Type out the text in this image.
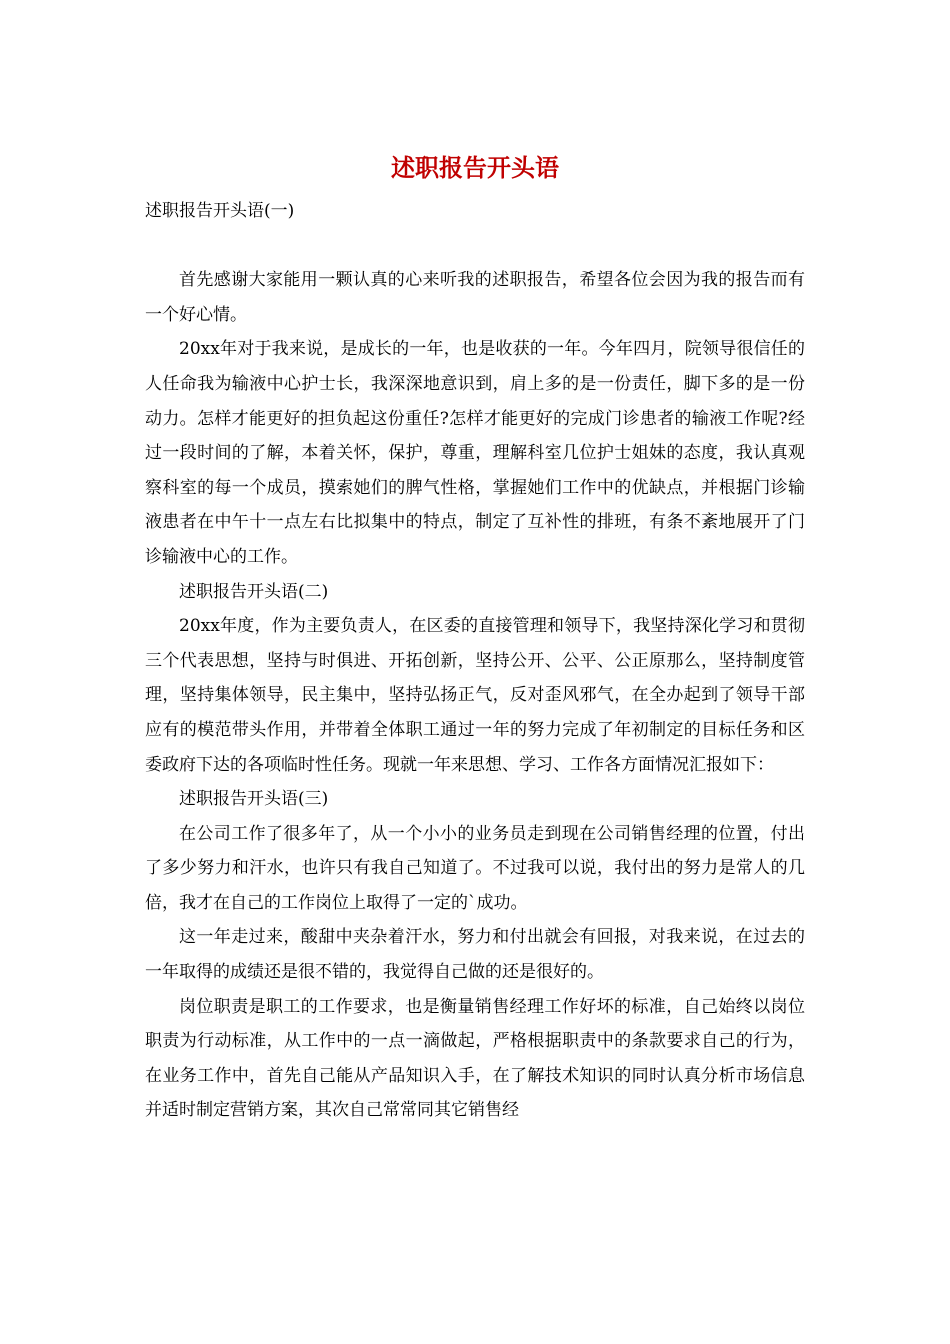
述职报告开头语

述职报告开头语(一)

首先感谢大家能用一颗认真的心来听我的述职报告，希望各位会因为我的报告而有一个好心情。

20xx年对于我来说，是成长的一年，也是收获的一年。今年四月，院领导很信任的人任命我为输液中心护士长，我深深地意识到，肩上多的是一份责任，脚下多的是一份动力。怎样才能更好的担负起这份重任?怎样才能更好的完成门诊患者的输液工作呢?经过一段时间的了解，本着关怀，保护，尊重，理解科室几位护士姐妹的态度，我认真观察科室的每一个成员，摸索她们的脾气性格，掌握她们工作中的优缺点，并根据门诊输液患者在中午十一点左右比拟集中的特点，制定了互补性的排班，有条不紊地展开了门诊输液中心的工作。

述职报告开头语(二)

20xx年度，作为主要负责人，在区委的直接管理和领导下，我坚持深化学习和贯彻三个代表思想，坚持与时俱进、开拓创新，坚持公开、公平、公正原那么，坚持制度管理，坚持集体领导，民主集中，坚持弘扬正气，反对歪风邪气，在全办起到了领导干部应有的模范带头作用，并带着全体职工通过一年的努力完成了年初制定的目标任务和区委政府下达的各项临时性任务。现就一年来思想、学习、工作各方面情况汇报如下：

述职报告开头语(三)

在公司工作了很多年了，从一个小小的业务员走到现在公司销售经理的位置，付出了多少努力和汗水，也许只有我自己知道了。不过我可以说，我付出的努力是常人的几倍，我才在自己的工作岗位上取得了一定的`成功。

这一年走过来，酸甜中夹杂着汗水，努力和付出就会有回报，对我来说，在过去的一年取得的成绩还是很不错的，我觉得自己做的还是很好的。

岗位职责是职工的工作要求，也是衡量销售经理工作好坏的标准，自己始终以岗位职责为行动标准，从工作中的一点一滴做起，严格根据职责中的条款要求自己的行为，在业务工作中，首先自己能从产品知识入手，在了解技术知识的同时认真分析市场信息并适时制定营销方案，其次自己常常同其它销售经
